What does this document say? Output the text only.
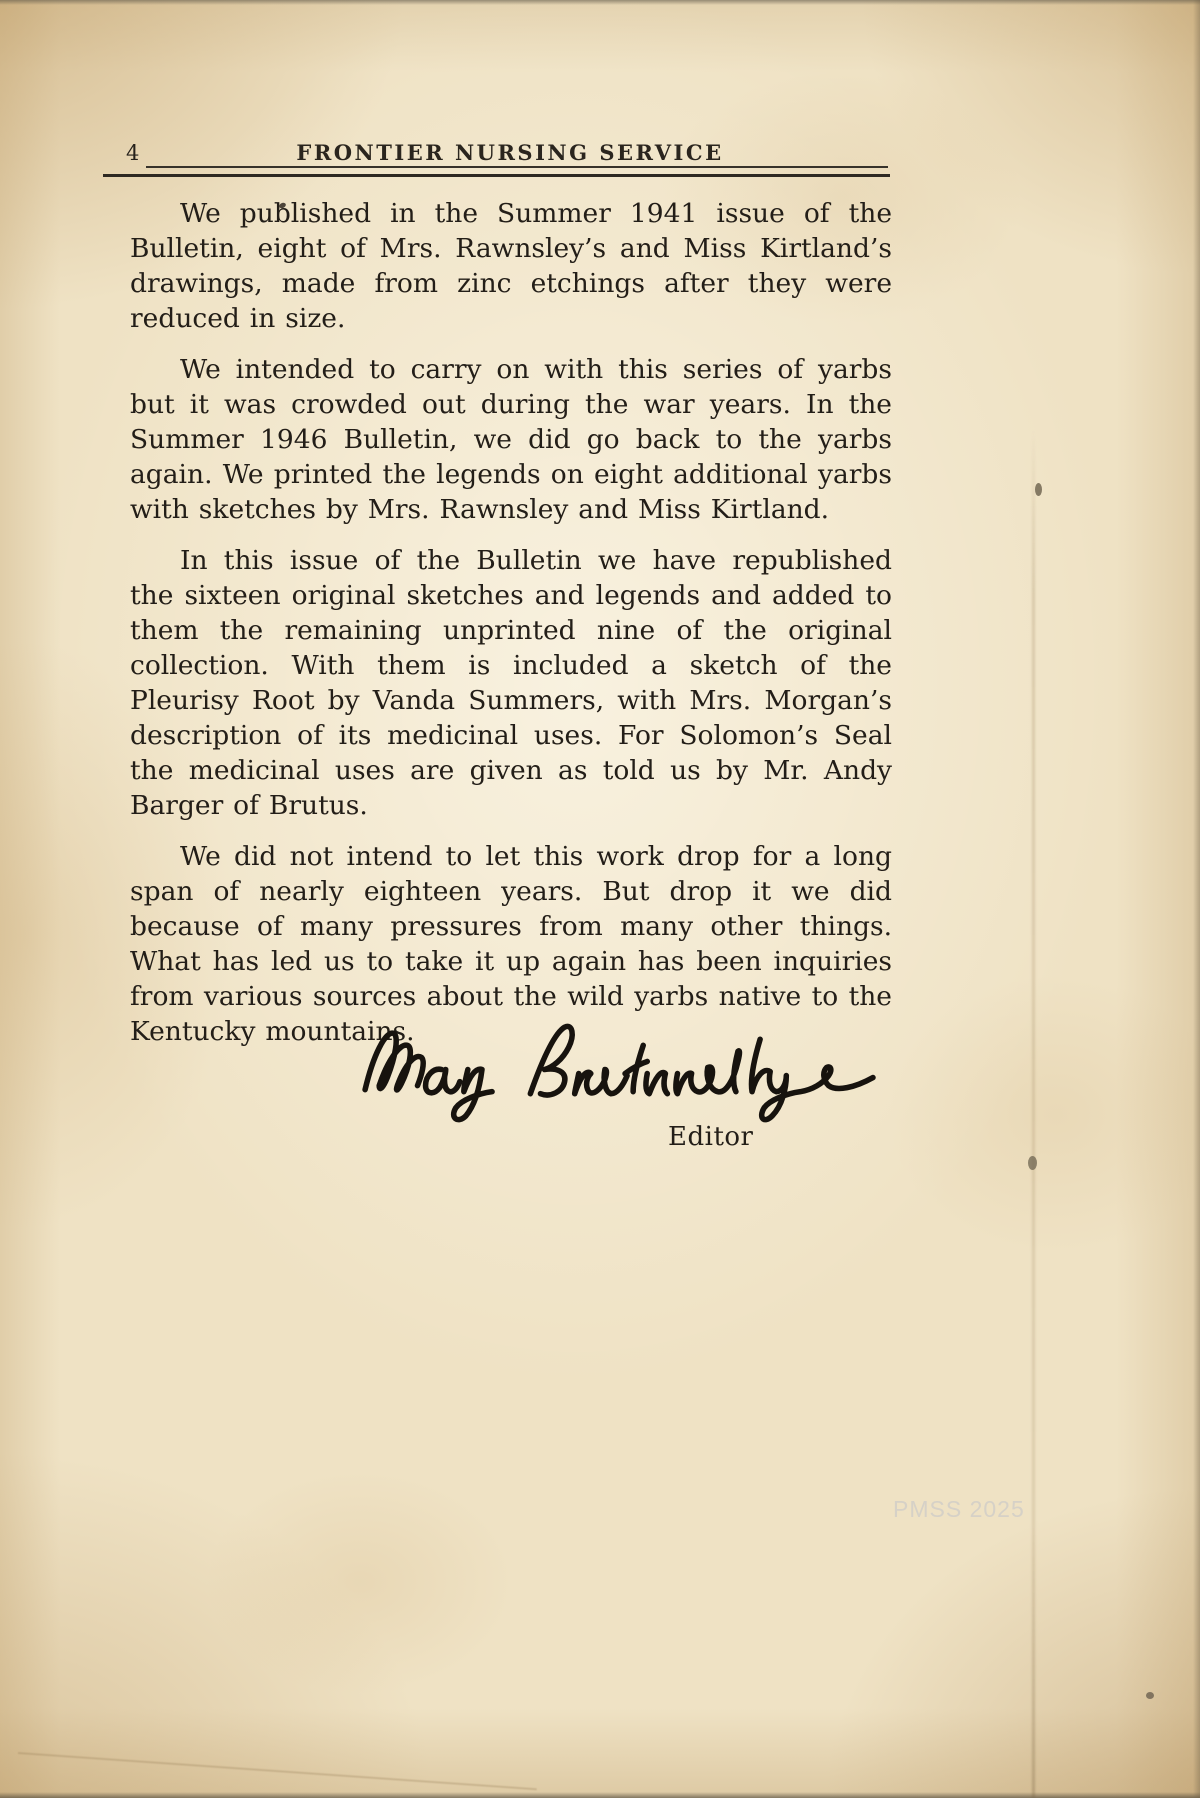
4	FRONTIER NURSING SERVICE

We published in the Summer 1941 issue of the Bulletin, eight of Mrs. Rawnsley’s and Miss Kirtland’s drawings, made from zinc etchings after they were reduced in size.

We intended to carry on with this series of yarbs but it was crowded out during the war years. In the Summer 1946 Bulletin, we did go back to the yarbs again. We printed the legends on eight additional yarbs with sketches by Mrs. Rawnsley and Miss Kirtland.

In this issue of the Bulletin we have republished the sixteen original sketches and legends and added to them the remaining unprinted nine of the original collection. With them is included a sketch of the Pleurisy Root by Vanda Summers, with Mrs. Morgan’s description of its medicinal uses. For Solomon’s Seal the medicinal uses are given as told us by Mr. Andy Barger of Brutus.

We did not intend to let this work drop for a long span of nearly eighteen years. But drop it we did because of many pressures from many other things. What has led us to take it up again has been inquiries from various sources about the wild yarbs native to the Kentucky mountains.

Editor
PMSS 2025
